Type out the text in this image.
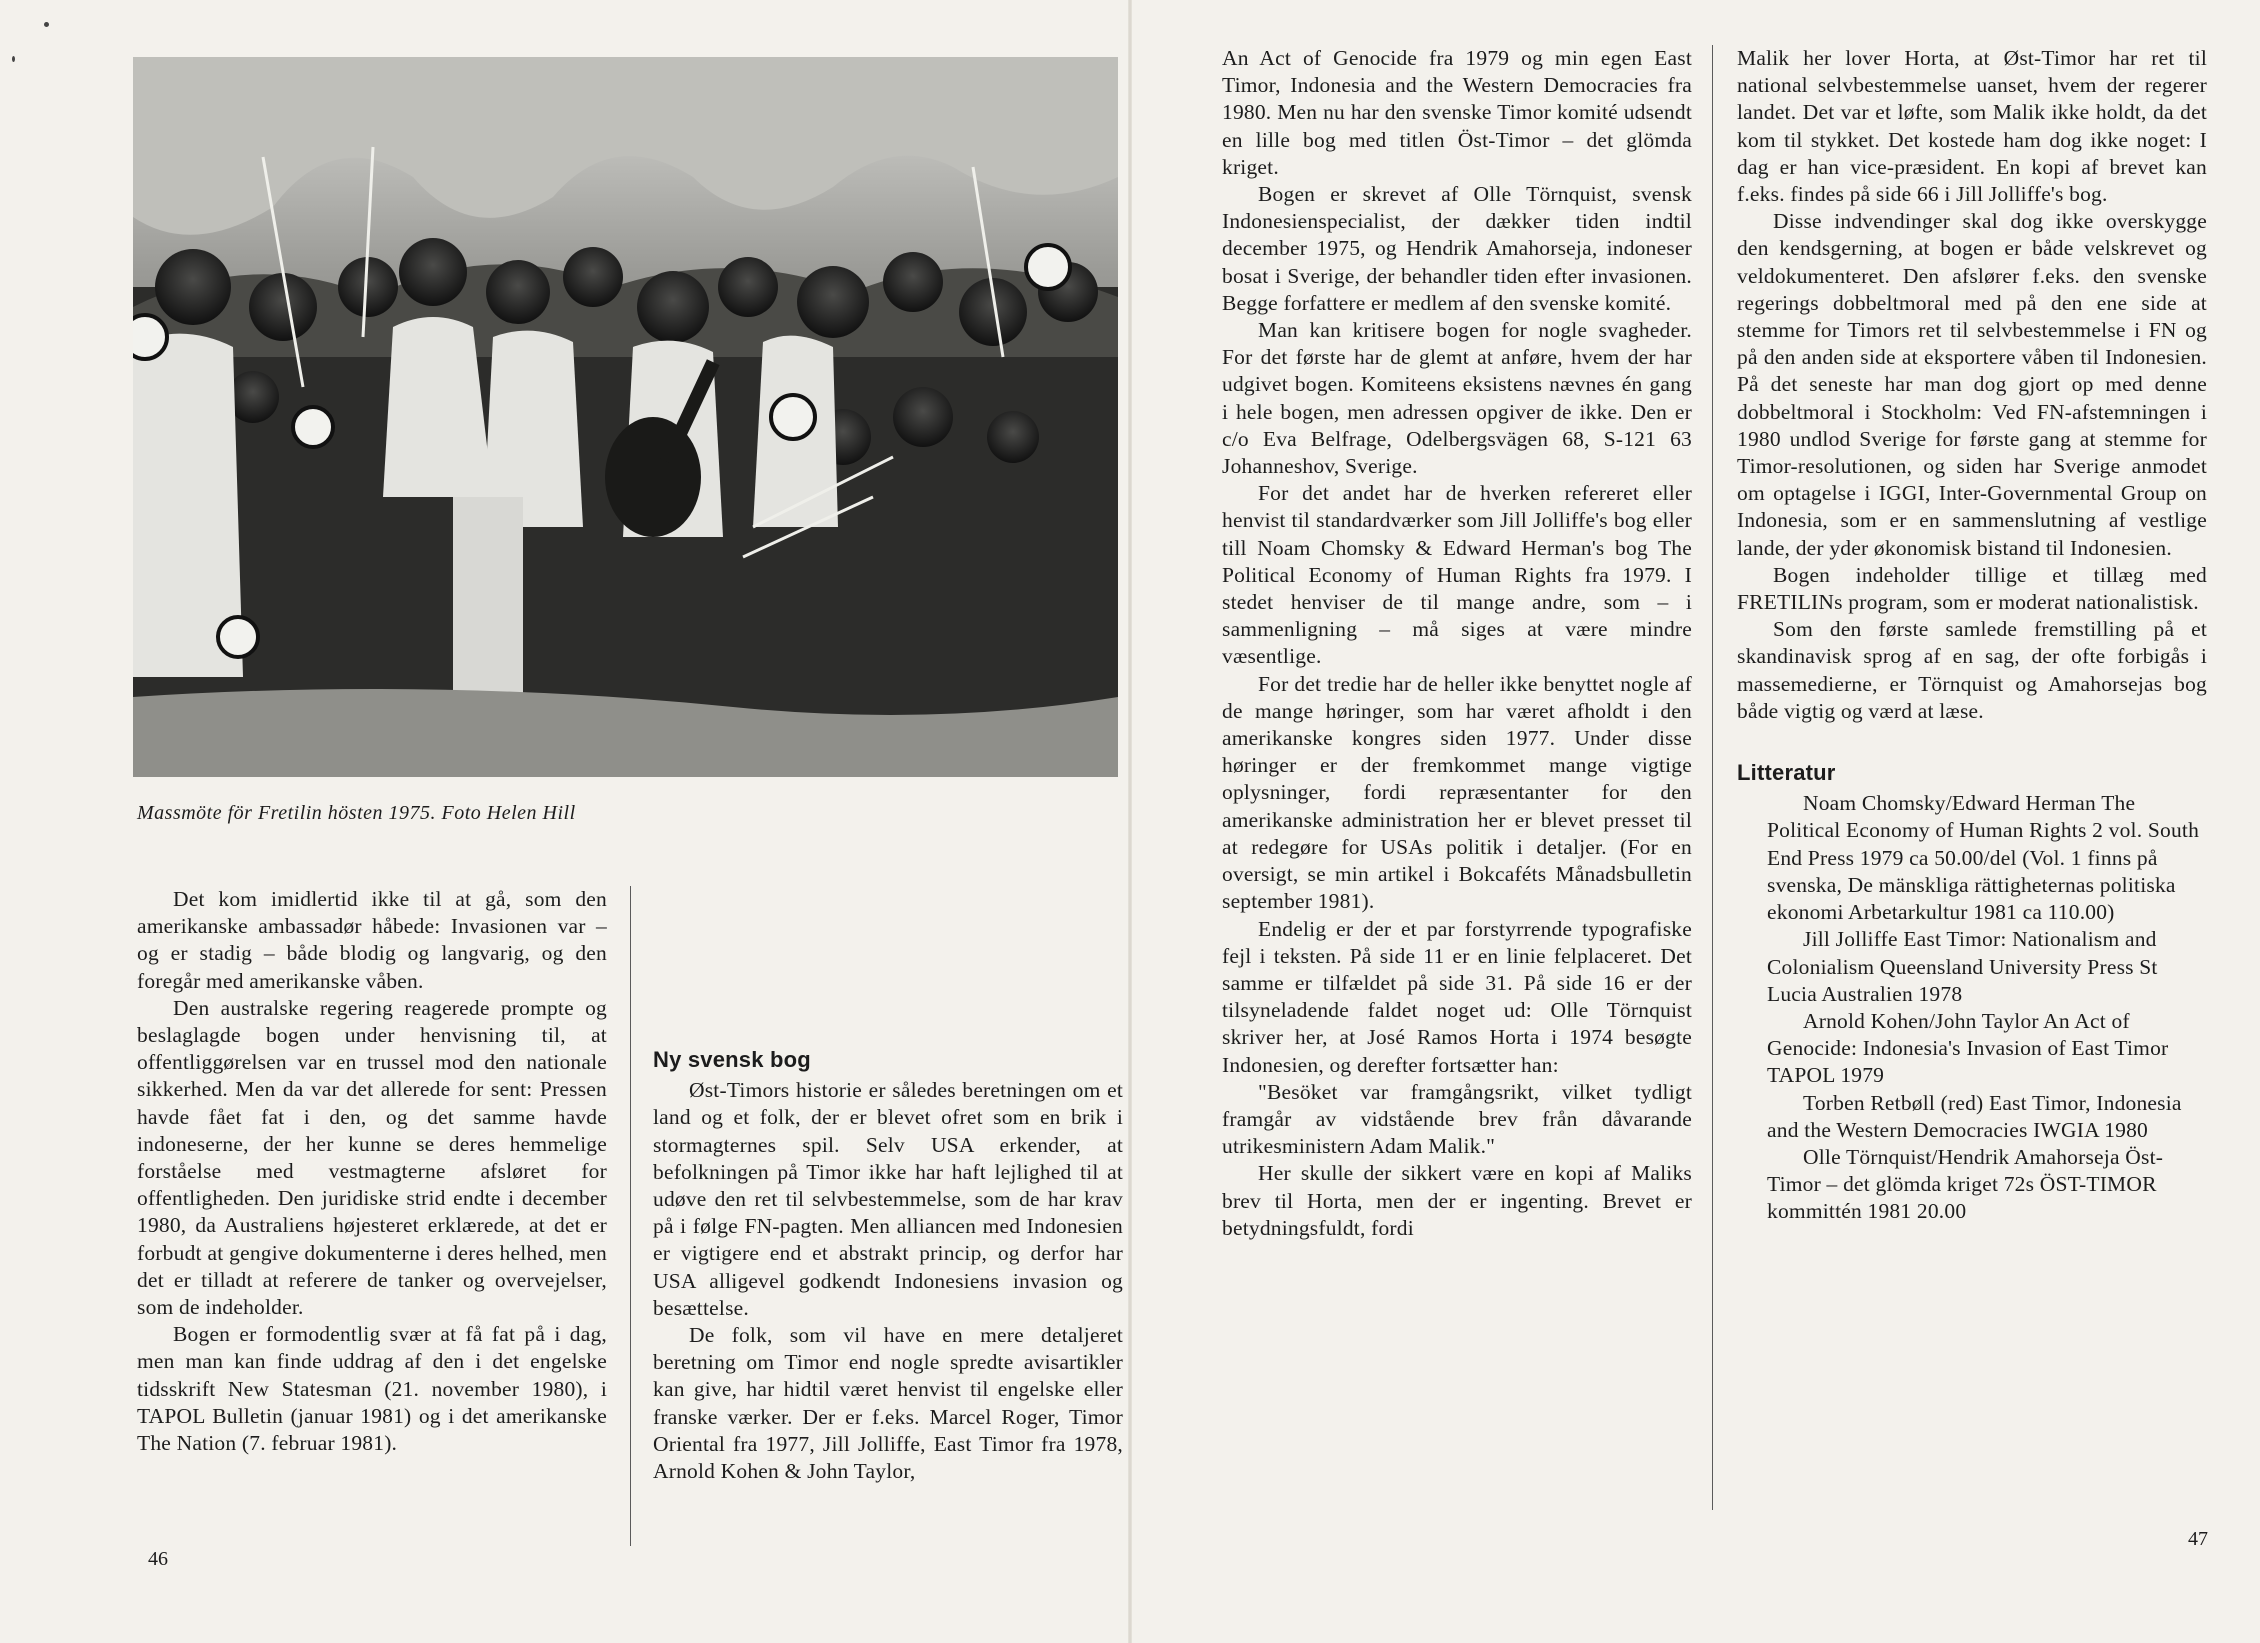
Massmöte för Fretilin hösten 1975. Foto Helen Hill

Det kom imidlertid ikke til at gå, som den amerikanske ambassadør håbede: Invasionen var – og er stadig – både blodig og langvarig, og den foregår med amerikanske våben.

Den australske regering reagerede prompte og beslaglagde bogen under henvisning til, at offentliggørelsen var en trussel mod den nationale sikkerhed. Men da var det allerede for sent: Pressen havde fået fat i den, og det samme havde indoneserne, der her kunne se deres hemmelige forståelse med vestmagterne afsløret for offentligheden. Den juridiske strid endte i december 1980, da Australiens højesteret erklærede, at det er forbudt at gengive dokumenterne i deres helhed, men det er tilladt at referere de tanker og overvejelser, som de indeholder.

Bogen er formodentlig svær at få fat på i dag, men man kan finde uddrag af den i det engelske tidsskrift New Statesman (21. november 1980), i TAPOL Bulletin (januar 1981) og i det amerikanske The Nation (7. februar 1981).

Ny svensk bog

Øst-Timors historie er således beretningen om et land og et folk, der er blevet ofret som en brik i stormagternes spil. Selv USA erkender, at befolkningen på Timor ikke har haft lejlighed til at udøve den ret til selvbestemmelse, som de har krav på i følge FN-pagten. Men alliancen med Indonesien er vigtigere end et abstrakt princip, og derfor har USA alligevel godkendt Indonesiens invasion og besættelse.

De folk, som vil have en mere detaljeret beretning om Timor end nogle spredte avisartikler kan give, har hidtil været henvist til engelske eller franske værker. Der er f.eks. Marcel Roger, Timor Oriental fra 1977, Jill Jolliffe, East Timor fra 1978, Arnold Kohen & John Taylor,

46

An Act of Genocide fra 1979 og min egen East Timor, Indonesia and the Western Democracies fra 1980. Men nu har den svenske Timor komité udsendt en lille bog med titlen Öst-Timor – det glömda kriget.

Bogen er skrevet af Olle Törnquist, svensk Indonesienspecialist, der dækker tiden indtil december 1975, og Hendrik Amahorseja, indoneser bosat i Sverige, der behandler tiden efter invasionen. Begge forfattere er medlem af den svenske komité.

Man kan kritisere bogen for nogle svagheder. For det første har de glemt at anføre, hvem der har udgivet bogen. Komiteens eksistens nævnes én gang i hele bogen, men adressen opgiver de ikke. Den er c/o Eva Belfrage, Odelbergsvägen 68, S-121 63 Johanneshov, Sverige.

For det andet har de hverken refereret eller henvist til standardværker som Jill Jolliffe's bog eller till Noam Chomsky & Edward Herman's bog The Political Economy of Human Rights fra 1979. I stedet henviser de til mange andre, som – i sammenligning – må siges at være mindre væsentlige.

For det tredie har de heller ikke benyttet nogle af de mange høringer, som har været afholdt i den amerikanske kongres siden 1977. Under disse høringer er der fremkommet mange vigtige oplysninger, fordi repræsentanter for den amerikanske administration her er blevet presset til at redegøre for USAs politik i detaljer. (For en oversigt, se min artikel i Bokcaféts Månadsbulletin september 1981).

Endelig er der et par forstyrrende typografiske fejl i teksten. På side 11 er en linie felplaceret. Det samme er tilfældet på side 31. På side 16 er der tilsyneladende faldet noget ud: Olle Törnquist skriver her, at José Ramos Horta i 1974 besøgte Indonesien, og derefter fortsætter han:

"Besöket var framgångsrikt, vilket tydligt framgår av vidstående brev från dåvarande utrikesministern Adam Malik."

Her skulle der sikkert være en kopi af Maliks brev til Horta, men der er ingenting. Brevet er betydningsfuldt, fordi

Malik her lover Horta, at Øst-Timor har ret til national selvbestemmelse uanset, hvem der regerer landet. Det var et løfte, som Malik ikke holdt, da det kom til stykket. Det kostede ham dog ikke noget: I dag er han vice-præsident. En kopi af brevet kan f.eks. findes på side 66 i Jill Jolliffe's bog.

Disse indvendinger skal dog ikke overskygge den kendsgerning, at bogen er både velskrevet og veldokumenteret. Den afslører f.eks. den svenske regerings dobbeltmoral med på den ene side at stemme for Timors ret til selvbestemmelse i FN og på den anden side at eksportere våben til Indonesien. På det seneste har man dog gjort op med denne dobbeltmoral i Stockholm: Ved FN-afstemningen i 1980 undlod Sverige for første gang at stemme for Timor-resolutionen, og siden har Sverige anmodet om optagelse i IGGI, Inter-Governmental Group on Indonesia, som er en sammenslutning af vestlige lande, der yder økonomisk bistand til Indonesien.

Bogen indeholder tillige et tillæg med FRETILINs program, som er moderat nationalistisk.

Som den første samlede fremstilling på et skandinavisk sprog af en sag, der ofte forbigås i massemedierne, er Törnquist og Amahorsejas bog både vigtig og værd at læse.

Litteratur

Noam Chomsky/Edward Herman The Political Economy of Human Rights 2 vol. South End Press 1979 ca 50.00/del (Vol. 1 finns på svenska, De mänskliga rättigheternas politiska ekonomi Arbetarkultur 1981 ca 110.00)

Jill Jolliffe East Timor: Nationalism and Colonialism Queensland University Press St Lucia Australien 1978

Arnold Kohen/John Taylor An Act of Genocide: Indonesia's Invasion of East Timor TAPOL 1979

Torben Retbøll (red) East Timor, Indonesia and the Western Democracies IWGIA 1980

Olle Törnquist/Hendrik Amahorseja Öst-Timor – det glömda kriget 72s ÖST-TIMOR kommittén 1981 20.00

47
